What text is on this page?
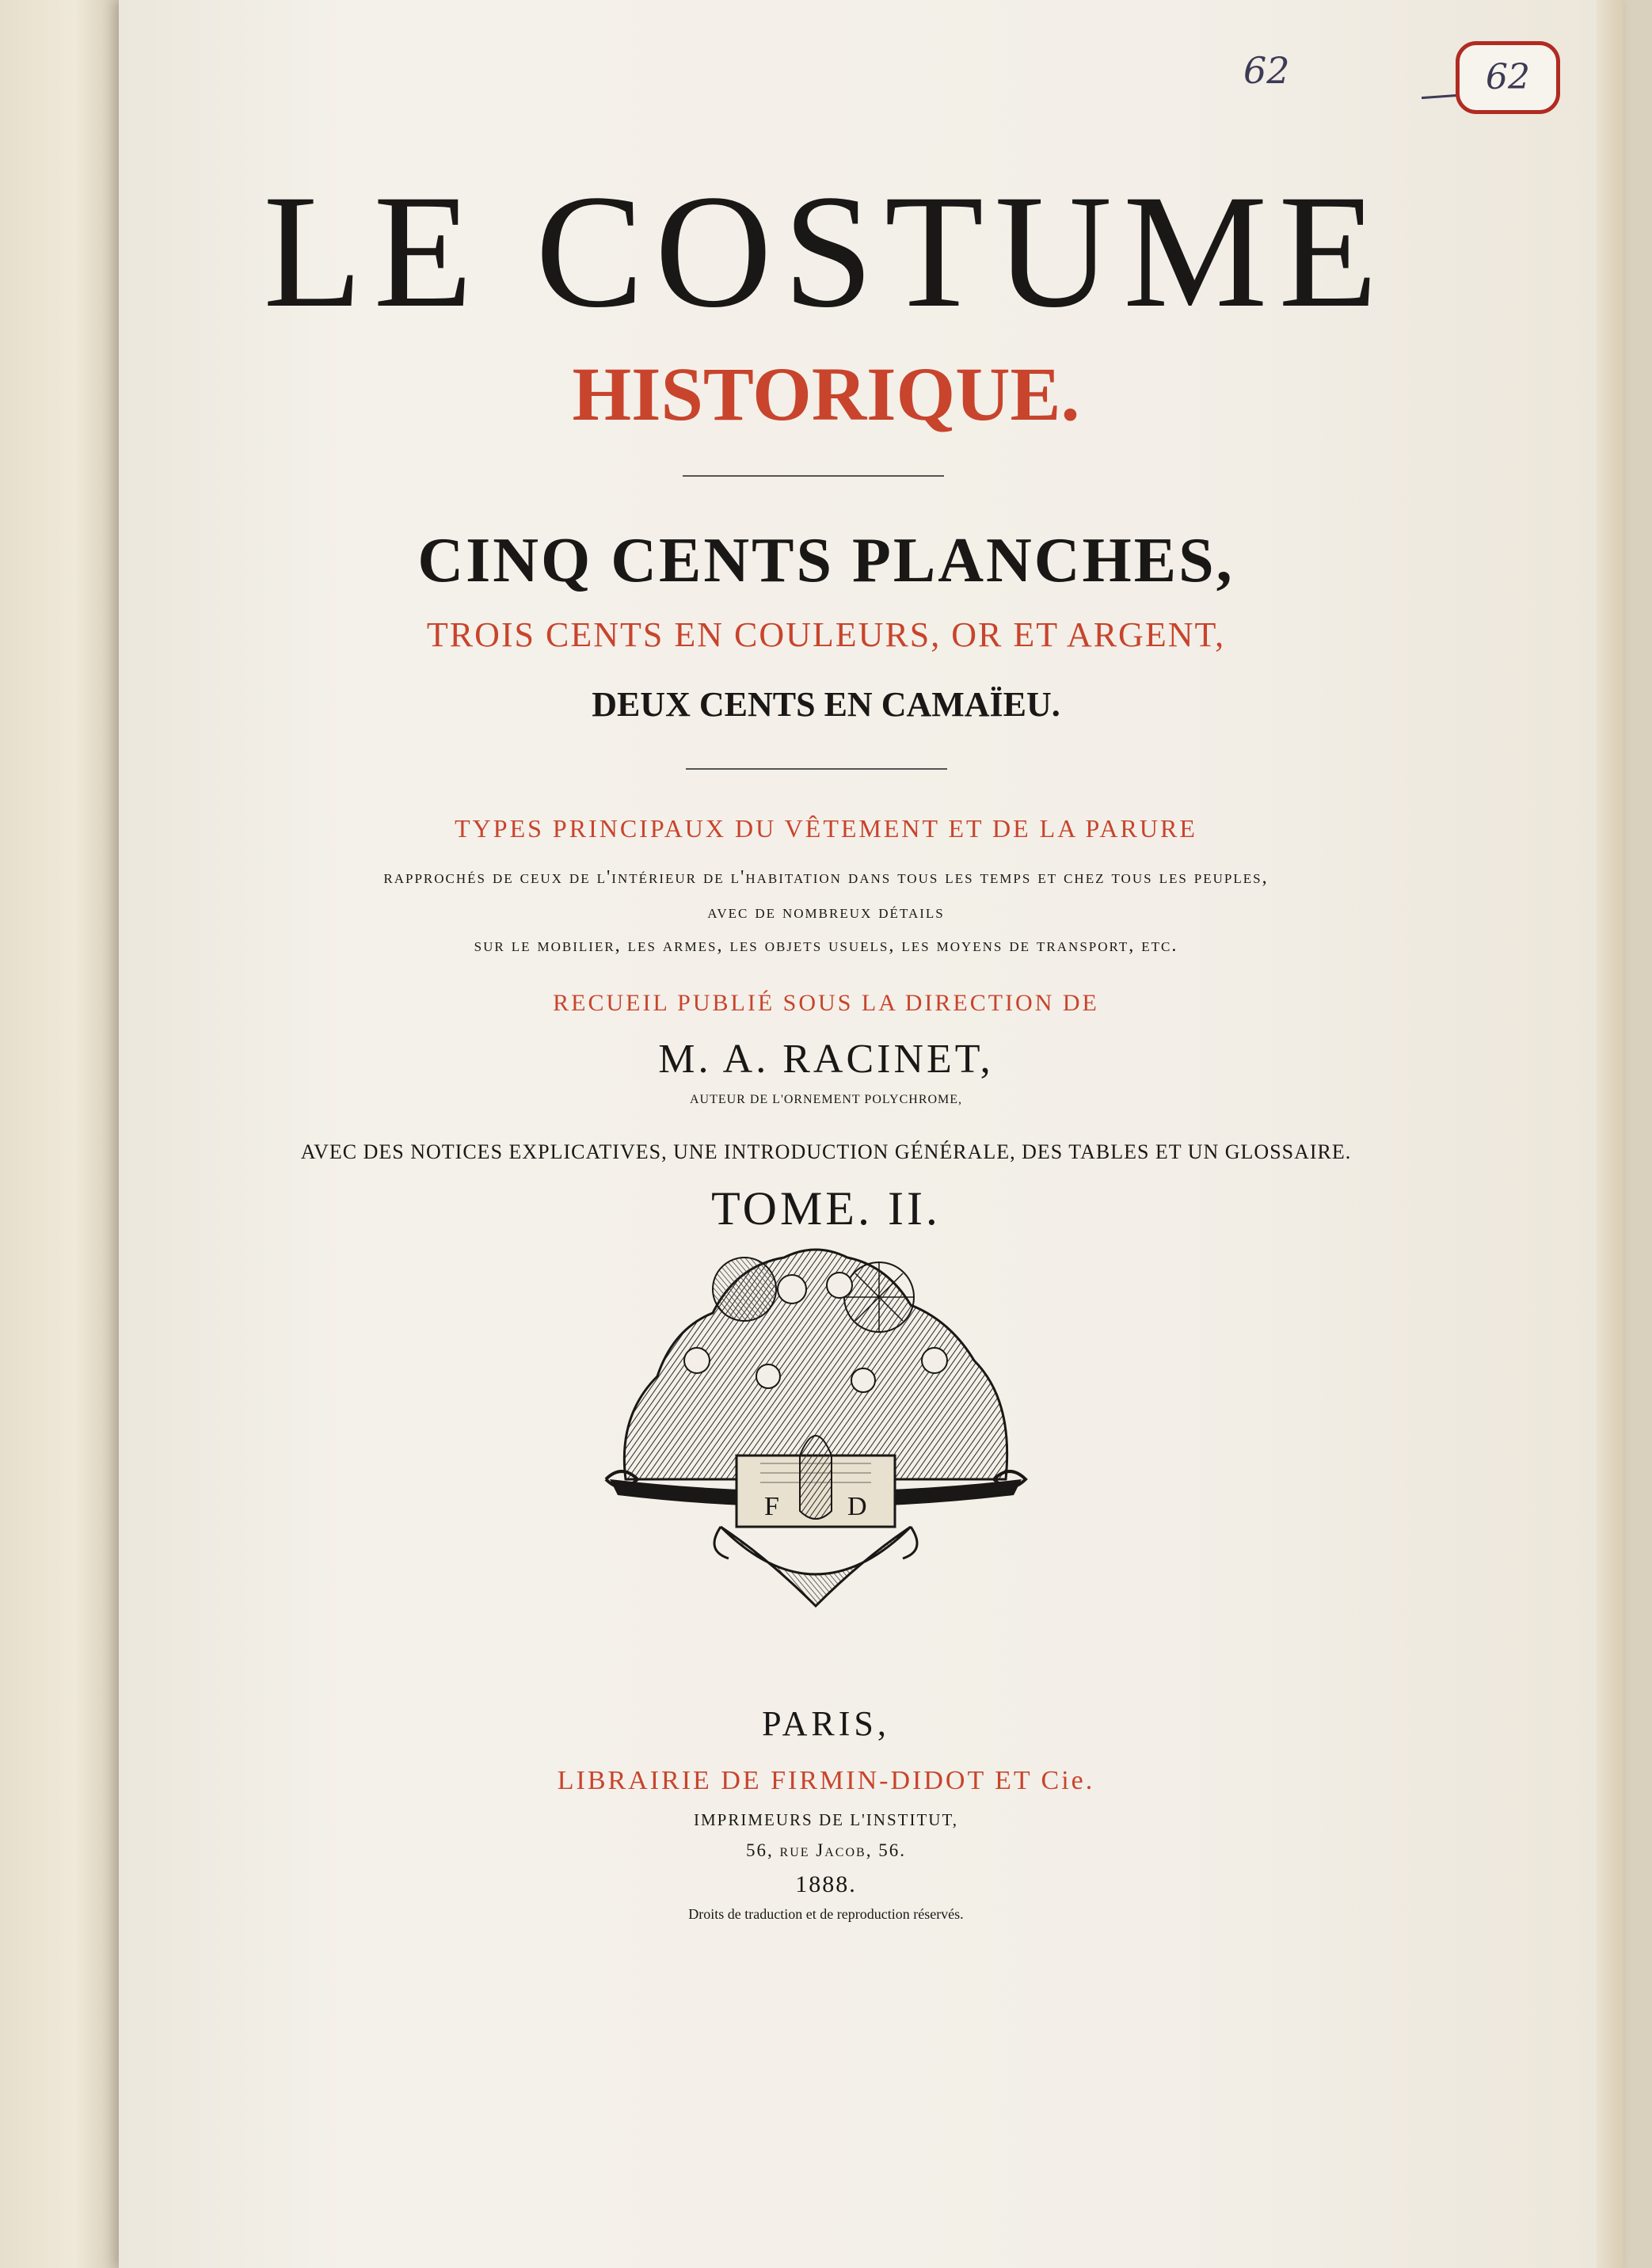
62	62
LE COSTUME
HISTORIQUE.
CINQ CENTS PLANCHES,
TROIS CENTS EN COULEURS, OR ET ARGENT,
DEUX CENTS EN CAMAÏEU.
TYPES PRINCIPAUX DU VÊTEMENT ET DE LA PARURE
rapprochés de ceux de l'intérieur de l'habitation dans tous les temps et chez tous les peuples,
avec de nombreux détails
sur le mobilier, les armes, les objets usuels, les moyens de transport, etc.
RECUEIL PUBLIÉ SOUS LA DIRECTION DE
M. A. RACINET,
AUTEUR DE L'ORNEMENT POLYCHROME,
AVEC DES NOTICES EXPLICATIVES, UNE INTRODUCTION GÉNÉRALE, DES TABLES ET UN GLOSSAIRE.
TOME. II.
F	D
PARIS,
LIBRAIRIE DE FIRMIN-DIDOT ET Cie.
IMPRIMEURS DE L'INSTITUT,
56, rue Jacob, 56.
1888.
Droits de traduction et de reproduction réservés.
